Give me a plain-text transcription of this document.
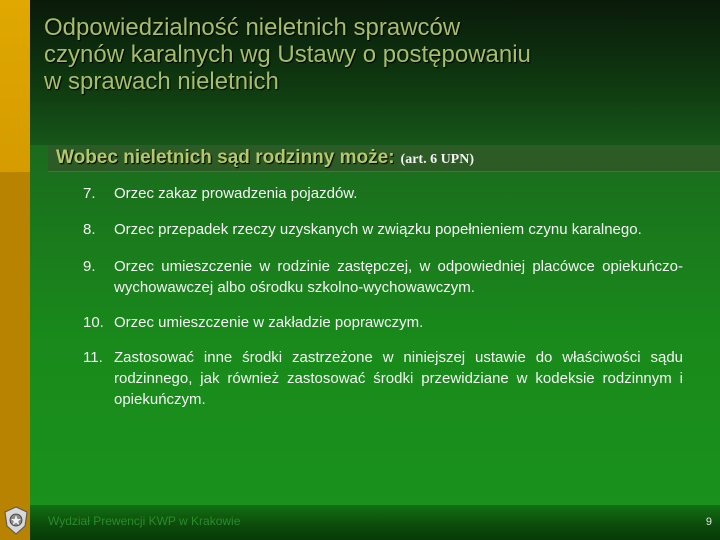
Odpowiedzialność nieletnich sprawców
czynów karalnych wg Ustawy o postępowaniu
w sprawach nieletnich
Wobec nieletnich sąd rodzinny może: (art. 6 UPN)
7. Orzec zakaz prowadzenia pojazdów.
8. Orzec przepadek rzeczy uzyskanych w związku popełnieniem czynu karalnego.
9. Orzec umieszczenie w rodzinie zastępczej, w odpowiedniej placówce opiekuńczo-wychowawczej albo ośrodku szkolno-wychowawczym.
10. Orzec umieszczenie w zakładzie poprawczym.
11. Zastosować inne środki zastrzeżone w niniejszej ustawie do właściwości sądu rodzinnego, jak również zastosować środki przewidziane w kodeksie rodzinnym i opiekuńczym.
Wydział Prewencji KWP w Krakowie	9
